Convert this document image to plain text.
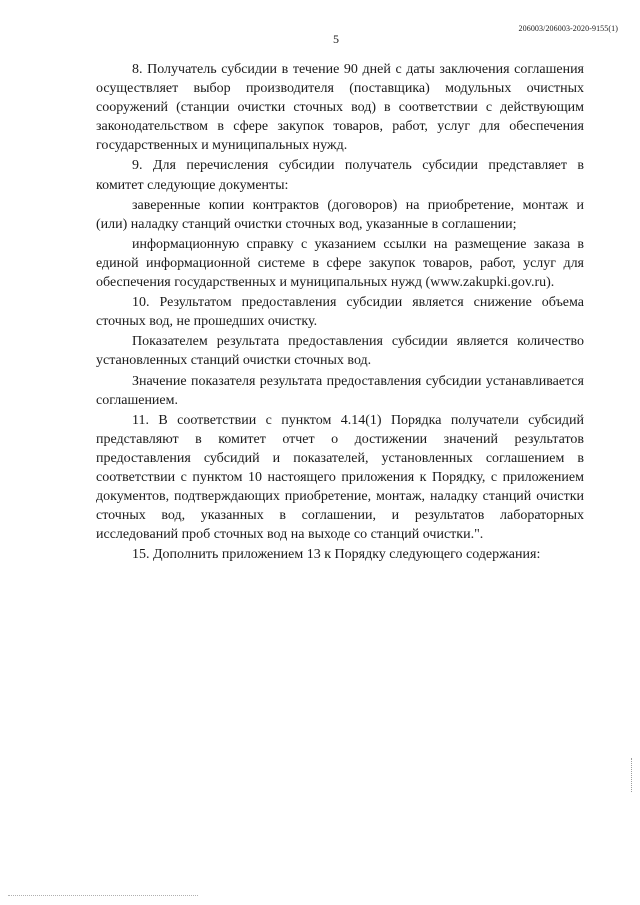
5
206003/206003-2020-9155(1)

8. Получатель субсидии в течение 90 дней с даты заключения соглашения осуществляет выбор производителя (поставщика) модульных очистных сооружений (станции очистки сточных вод) в соответствии с действующим законодательством в сфере закупок товаров, работ, услуг для обеспечения государственных и муниципальных нужд.

9. Для перечисления субсидии получатель субсидии представляет в комитет следующие документы:

заверенные копии контрактов (договоров) на приобретение, монтаж и (или) наладку станций очистки сточных вод, указанные в соглашении;

информационную справку с указанием ссылки на размещение заказа в единой информационной системе в сфере закупок товаров, работ, услуг для обеспечения государственных и муниципальных нужд (www.zakupki.gov.ru).

10. Результатом предоставления субсидии является снижение объема сточных вод, не прошедших очистку.

Показателем результата предоставления субсидии является количество установленных станций очистки сточных вод.

Значение показателя результата предоставления субсидии устанавливается соглашением.

11. В соответствии с пунктом 4.14(1) Порядка получатели субсидий представляют в комитет отчет о достижении значений результатов предоставления субсидий и показателей, установленных соглашением в соответствии с пунктом 10 настоящего приложения к Порядку, с приложением документов, подтверждающих приобретение, монтаж, наладку станций очистки сточных вод, указанных в соглашении, и результатов лабораторных исследований проб сточных вод на выходе со станций очистки.".

15. Дополнить приложением 13 к Порядку следующего содержания:
